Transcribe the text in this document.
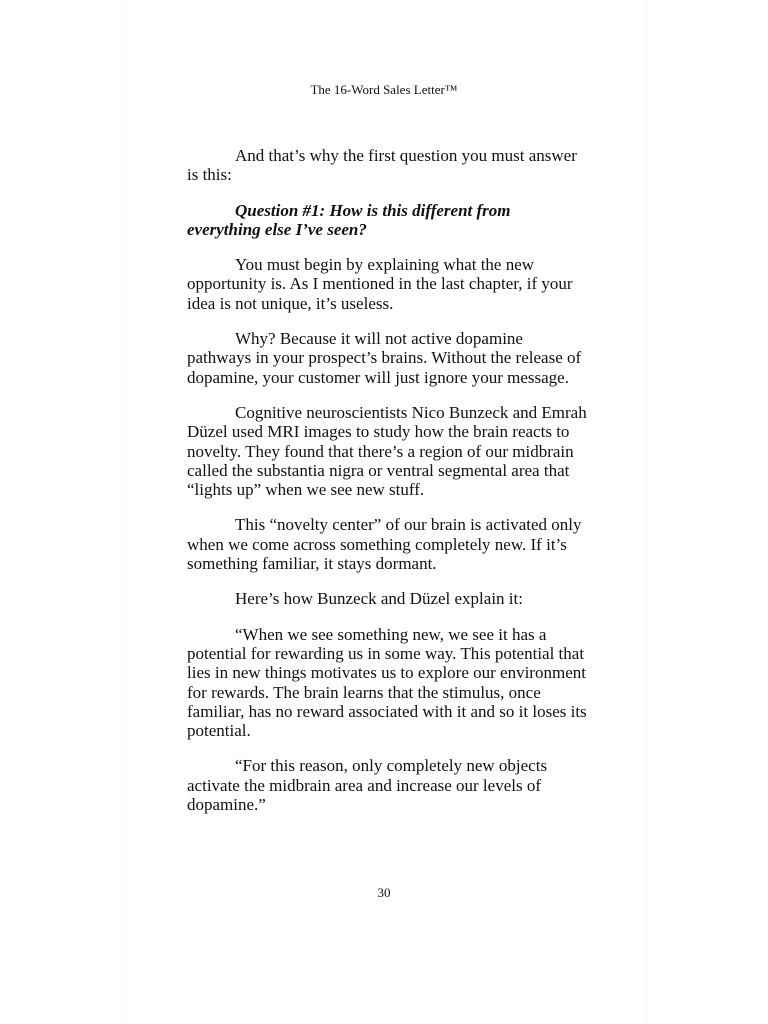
The 16-Word Sales Letter™

And that’s why the first question you must answer is this:

Question #1: How is this different from everything else I’ve seen?

You must begin by explaining what the new opportunity is. As I mentioned in the last chapter, if your idea is not unique, it’s useless.

Why? Because it will not active dopamine pathways in your prospect’s brains. Without the release of dopamine, your customer will just ignore your message.

Cognitive neuroscientists Nico Bunzeck and Emrah Düzel used MRI images to study how the brain reacts to novelty. They found that there’s a region of our midbrain called the substantia nigra or ventral segmental area that “lights up” when we see new stuff.

This “novelty center” of our brain is activated only when we come across something completely new. If it’s something familiar, it stays dormant.

Here’s how Bunzeck and Düzel explain it:

“When we see something new, we see it has a potential for rewarding us in some way. This potential that lies in new things motivates us to explore our environment for rewards. The brain learns that the stimulus, once familiar, has no reward associated with it and so it loses its potential.

“For this reason, only completely new objects activate the midbrain area and increase our levels of dopamine.”

30
